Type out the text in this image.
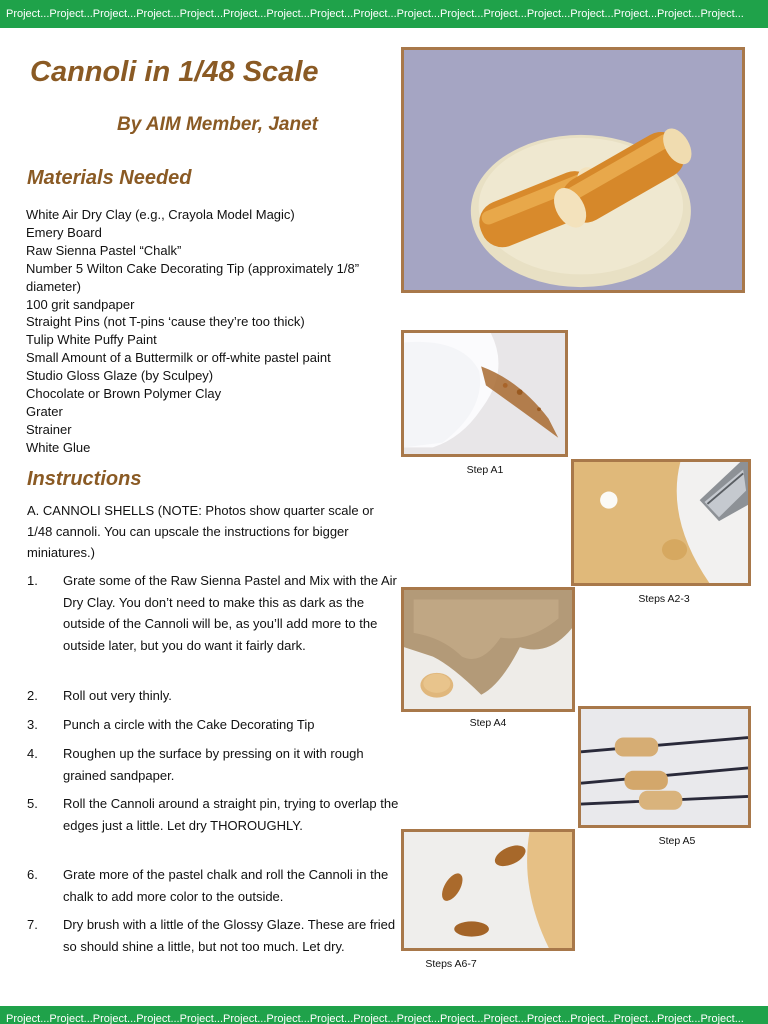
Project...Project...Project...Project...Project...Project...Project...Project...Project...Project...Project...Project...Project...Project...Project...Project...Project...
Cannoli in 1/48 Scale
By AIM Member, Janet
Materials Needed
White Air Dry Clay (e.g., Crayola Model Magic)
Emery Board
Raw Sienna Pastel “Chalk”
Number 5 Wilton Cake Decorating Tip (approximately 1/8” diameter)
100 grit sandpaper
Straight Pins (not T-pins ‘cause they’re too thick)
Tulip White Puffy Paint
Small Amount of a Buttermilk or off-white pastel paint
Studio Gloss Glaze (by Sculpey)
Chocolate or Brown Polymer Clay
Grater
Strainer
White Glue
Instructions

A. CANNOLI SHELLS (NOTE: Photos show quarter scale or 1/48 cannoli. You can upscale the instructions for bigger miniatures.)

1.	Grate some of the Raw Sienna Pastel and Mix with the Air Dry Clay. You don’t need to make this as dark as the outside of the Cannoli will be, as you’ll add more to the outside later, but you do want it fairly dark.
2.	Roll out very thinly.
3.	Punch a circle with the Cake Decorating Tip
4.	Roughen up the surface by pressing on it with rough grained sandpaper.
5.	Roll the Cannoli around a straight pin, trying to overlap the edges just a little. Let dry THOROUGHLY.
6.	Grate more of the pastel chalk and roll the Cannoli in the chalk to add more color to the outside.
7.	Dry brush with a little of the Glossy Glaze. These are fried so should shine a little, but not too much. Let dry.
Step A1
Steps A2-3
Step A4
Step A5
Steps A6-7
Project...Project...Project...Project...Project...Project...Project...Project...Project...Project...Project...Project...Project...Project...Project...Project...Project...
